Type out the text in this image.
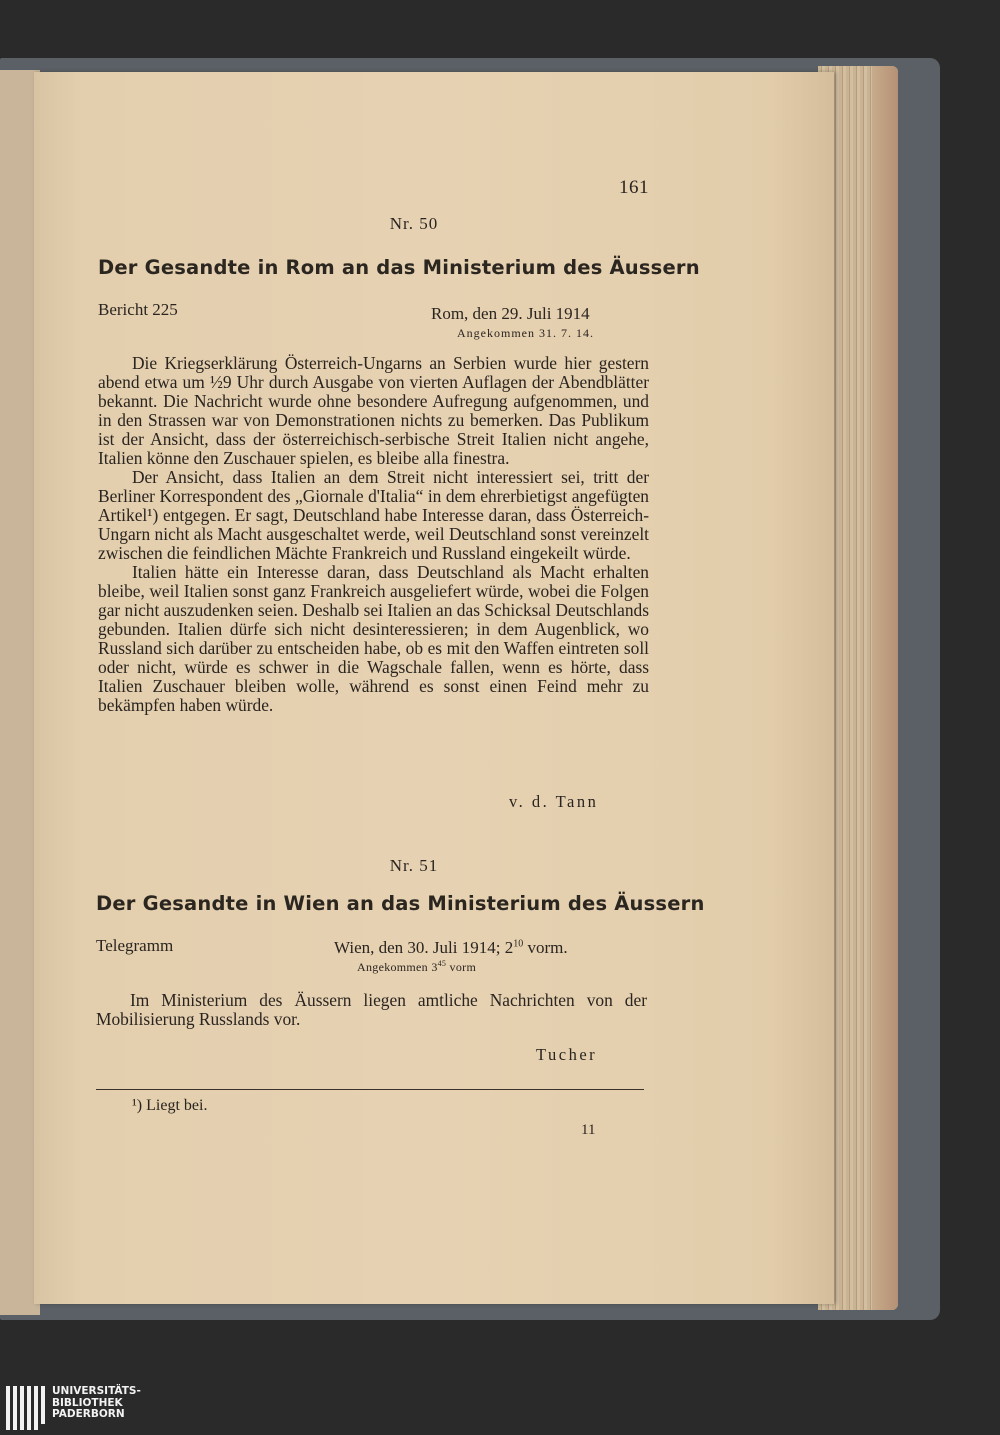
161
Nr. 50
Der Gesandte in Rom an das Ministerium des Äussern
Bericht 225	Rom, den 29. Juli 1914
Angekommen 31. 7. 14.

Die Kriegserklärung Österreich-Ungarns an Serbien wurde hier gestern abend etwa um ½9 Uhr durch Ausgabe von vierten Auflagen der Abendblätter bekannt. Die Nachricht wurde ohne besondere Aufregung aufgenommen, und in den Strassen war von Demonstrationen nichts zu bemerken. Das Publikum ist der Ansicht, dass der österreichisch-serbische Streit Italien nicht angehe, Italien könne den Zuschauer spielen, es bleibe alla finestra.

Der Ansicht, dass Italien an dem Streit nicht interessiert sei, tritt der Berliner Korrespondent des „Giornale d'Italia“ in dem ehrerbietigst angefügten Artikel¹) entgegen. Er sagt, Deutschland habe Interesse daran, dass Österreich-Ungarn nicht als Macht ausgeschaltet werde, weil Deutschland sonst vereinzelt zwischen die feindlichen Mächte Frankreich und Russland eingekeilt würde.

Italien hätte ein Interesse daran, dass Deutschland als Macht erhalten bleibe, weil Italien sonst ganz Frankreich ausgeliefert würde, wobei die Folgen gar nicht auszudenken seien. Deshalb sei Italien an das Schicksal Deutschlands gebunden. Italien dürfe sich nicht desinteressieren; in dem Augenblick, wo Russland sich darüber zu entscheiden habe, ob es mit den Waffen eintreten soll oder nicht, würde es schwer in die Wagschale fallen, wenn es hörte, dass Italien Zuschauer bleiben wolle, während es sonst einen Feind mehr zu bekämpfen haben würde.

v. d. Tann
Nr. 51
Der Gesandte in Wien an das Ministerium des Äussern
Telegramm	Wien, den 30. Juli 1914; $2^{10}$ vorm.
Angekommen $3^{45}$ vorm

Im Ministerium des Äussern liegen amtliche Nachrichten von der Mobilisierung Russlands vor.

Tucher
¹) Liegt bei.
11
UNIVERSITÄTS-
BIBLIOTHEK
PADERBORN
